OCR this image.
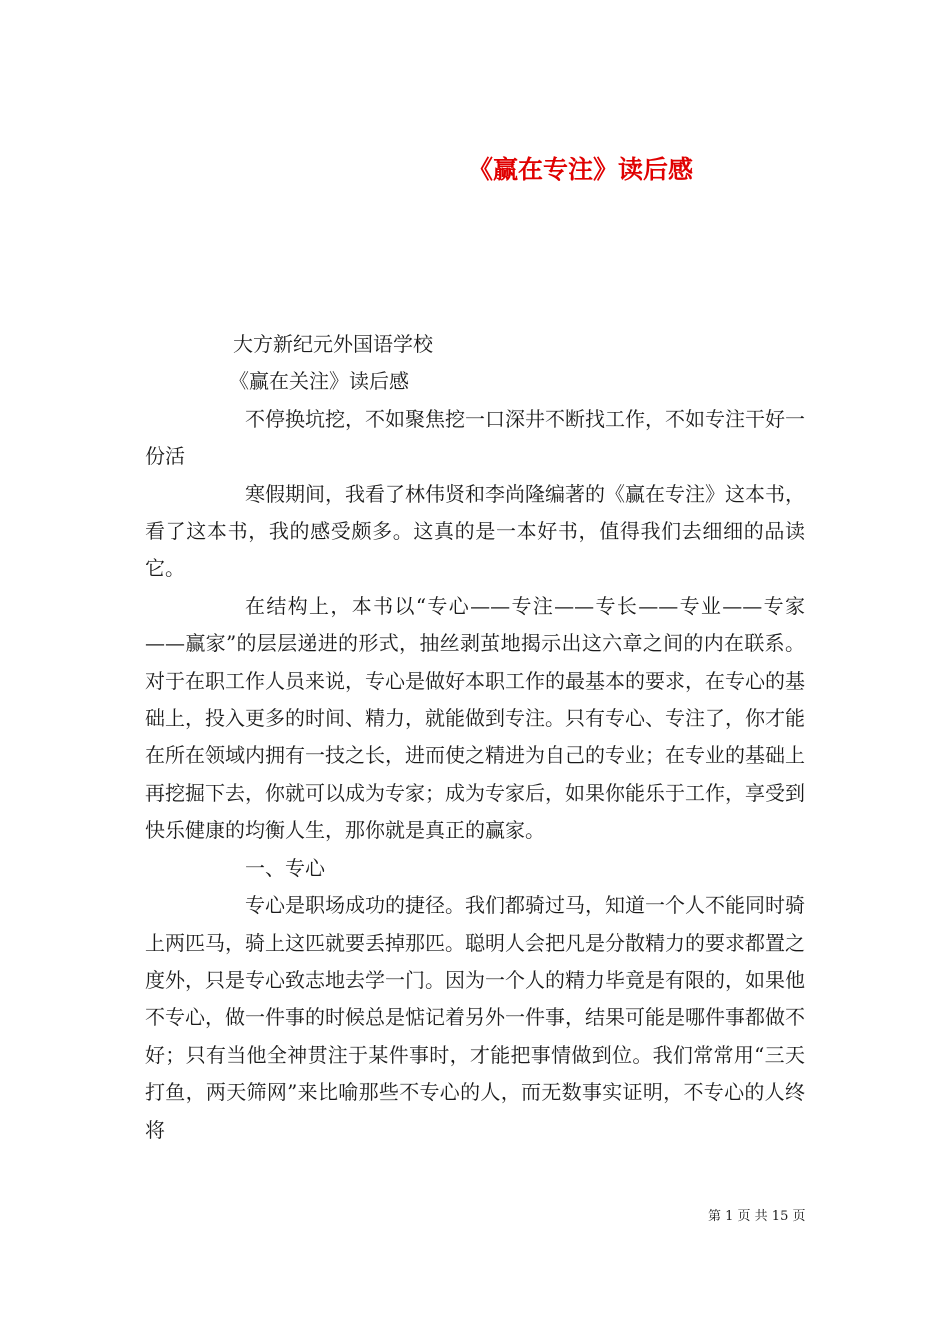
《赢在专注》读后感

大方新纪元外国语学校

《赢在关注》读后感

不停换坑挖，不如聚焦挖一口深井不断找工作，不如专注干好一份活

寒假期间，我看了林伟贤和李尚隆编著的《赢在专注》这本书，看了这本书，我的感受颇多。这真的是一本好书，值得我们去细细的品读它。

在结构上，本书以“专心——专注——专长——专业——专家——赢家”的层层递进的形式，抽丝剥茧地揭示出这六章之间的内在联系。对于在职工作人员来说，专心是做好本职工作的最基本的要求，在专心的基础上，投入更多的时间、精力，就能做到专注。只有专心、专注了，你才能在所在领域内拥有一技之长，进而使之精进为自己的专业；在专业的基础上再挖掘下去，你就可以成为专家；成为专家后，如果你能乐于工作，享受到快乐健康的均衡人生，那你就是真正的赢家。

一、专心

专心是职场成功的捷径。我们都骑过马，知道一个人不能同时骑上两匹马，骑上这匹就要丢掉那匹。聪明人会把凡是分散精力的要求都置之度外，只是专心致志地去学一门。因为一个人的精力毕竟是有限的，如果他不专心，做一件事的时候总是惦记着另外一件事，结果可能是哪件事都做不好；只有当他全神贯注于某件事时，才能把事情做到位。我们常常用“三天打鱼，两天筛网”来比喻那些不专心的人，而无数事实证明，不专心的人终将

第 1 页 共 15 页
